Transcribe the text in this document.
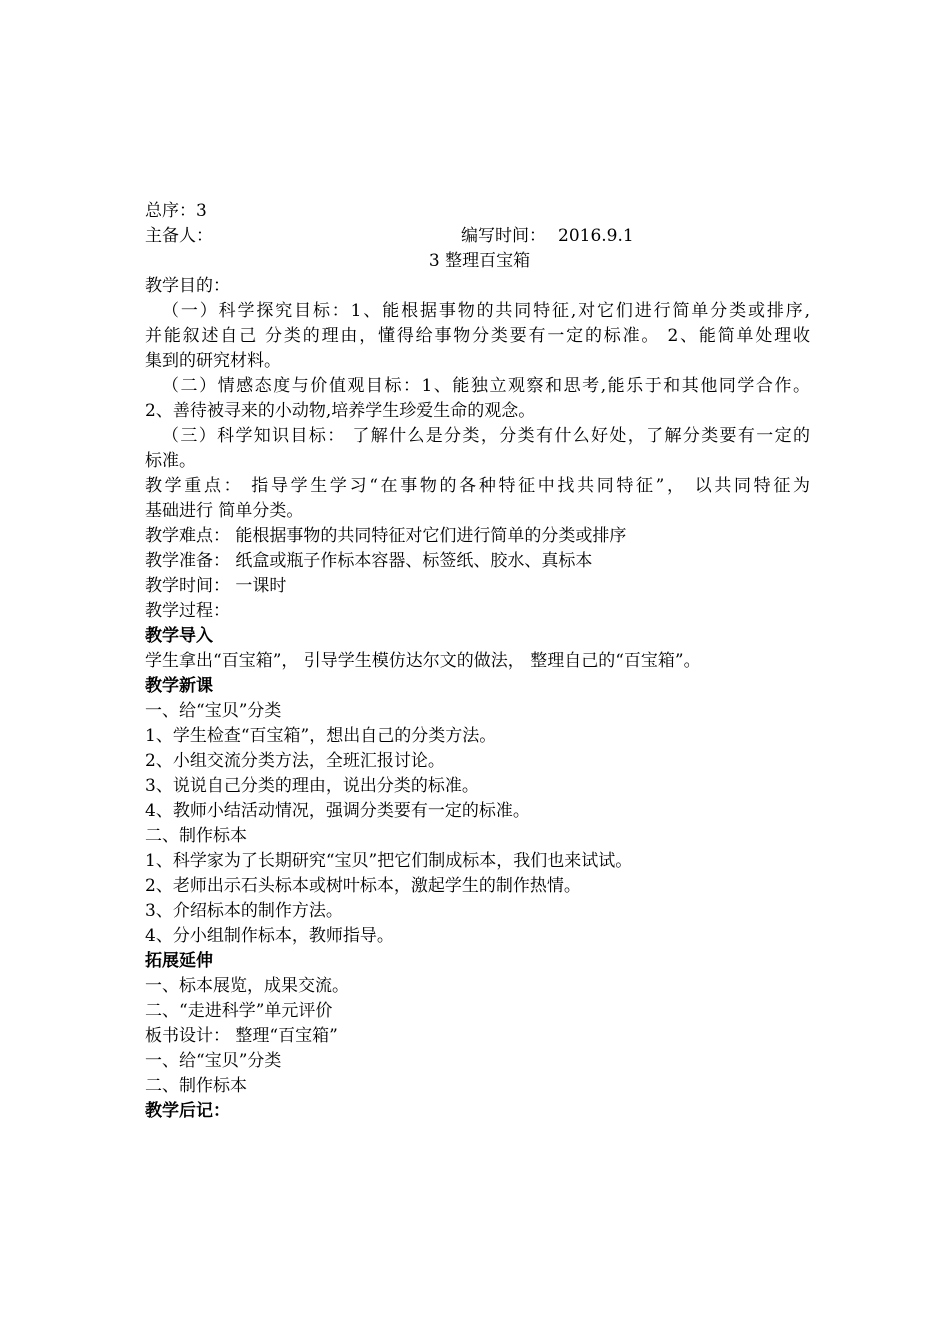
总序：3
主备人：	编写时间： 2016.9.1
3 整理百宝箱
教学目的：
（一）科学探究目标：1、能根据事物的共同特征,对它们进行简单分类或排序,
并能叙述自己 分类的理由，懂得给事物分类要有一定的标准。 2、能简单处理收
集到的研究材料。
（二）情感态度与价值观目标：1、能独立观察和思考,能乐于和其他同学合作。
2、善待被寻来的小动物,培养学生珍爱生命的观念。
（三）科学知识目标： 了解什么是分类，分类有什么好处，了解分类要有一定的
标准。
教学重点： 指导学生学习“在事物的各种特征中找共同特征”， 以共同特征为
基础进行 简单分类。
教学难点： 能根据事物的共同特征对它们进行简单的分类或排序
教学准备： 纸盒或瓶子作标本容器、标签纸、胶水、真标本
教学时间： 一课时
教学过程：
教学导入
学生拿出“百宝箱”， 引导学生模仿达尔文的做法， 整理自己的“百宝箱”。
教学新课
一、给“宝贝”分类
1、学生检查“百宝箱”，想出自己的分类方法。
2、小组交流分类方法，全班汇报讨论。
3、说说自己分类的理由，说出分类的标准。
4、教师小结活动情况，强调分类要有一定的标准。
二、制作标本
1、科学家为了长期研究“宝贝”把它们制成标本，我们也来试试。
2、老师出示石头标本或树叶标本，激起学生的制作热情。
3、介绍标本的制作方法。
4、分小组制作标本，教师指导。
拓展延伸
一、标本展览，成果交流。
二、“走进科学”单元评价
板书设计： 整理“百宝箱”
一、给“宝贝”分类
二、制作标本
教学后记：
